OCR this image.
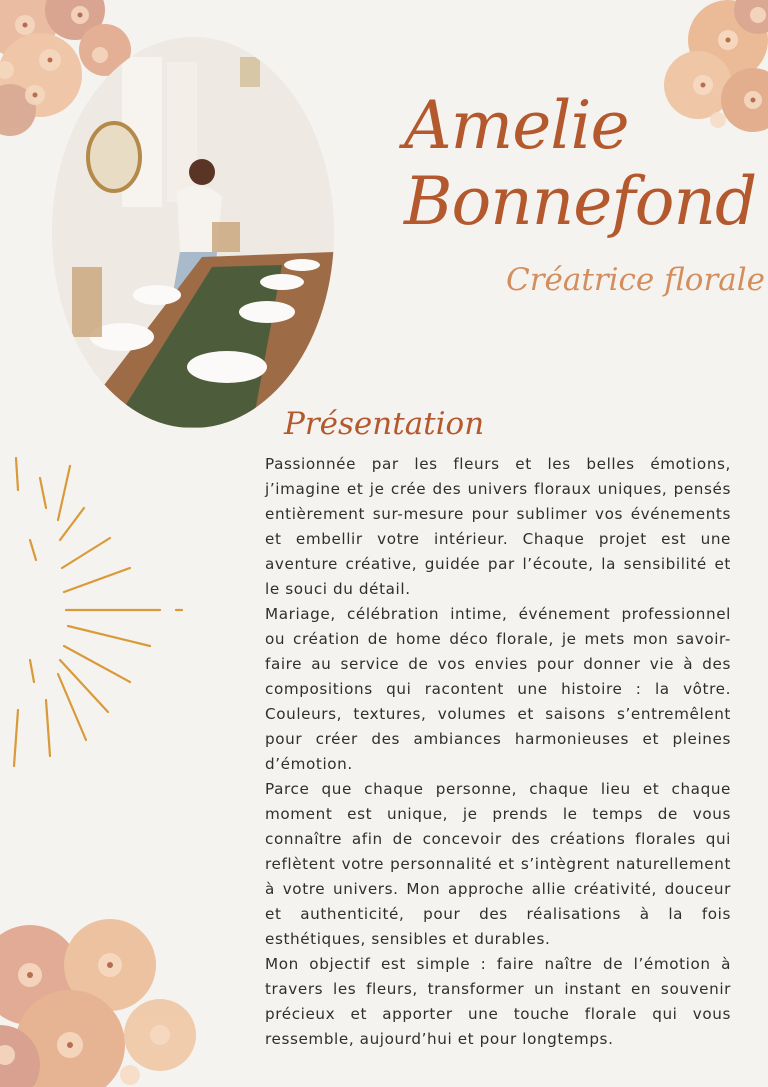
Amelie
Bonnefond
Créatrice florale
Présentation

Passionnée par les fleurs et les belles émotions, j’imagine et je crée des univers floraux uniques, pensés entièrement sur-mesure pour sublimer vos événements et embellir votre intérieur. Chaque projet est une aventure créative, guidée par l’écoute, la sensibilité et le souci du détail.

Mariage, célébration intime, événement professionnel ou création de home déco florale, je mets mon savoir-faire au service de vos envies pour donner vie à des compositions qui racontent une histoire : la vôtre. Couleurs, textures, volumes et saisons s’entremêlent pour créer des ambiances harmonieuses et pleines d’émotion.

Parce que chaque personne, chaque lieu et chaque moment est unique, je prends le temps de vous connaître afin de concevoir des créations florales qui reflètent votre personnalité et s’intègrent naturellement à votre univers. Mon approche allie créativité, douceur et authenticité, pour des réalisations à la fois esthétiques, sensibles et durables.

Mon objectif est simple : faire naître de l’émotion à travers les fleurs, transformer un instant en souvenir précieux et apporter une touche florale qui vous ressemble, aujourd’hui et pour longtemps.
